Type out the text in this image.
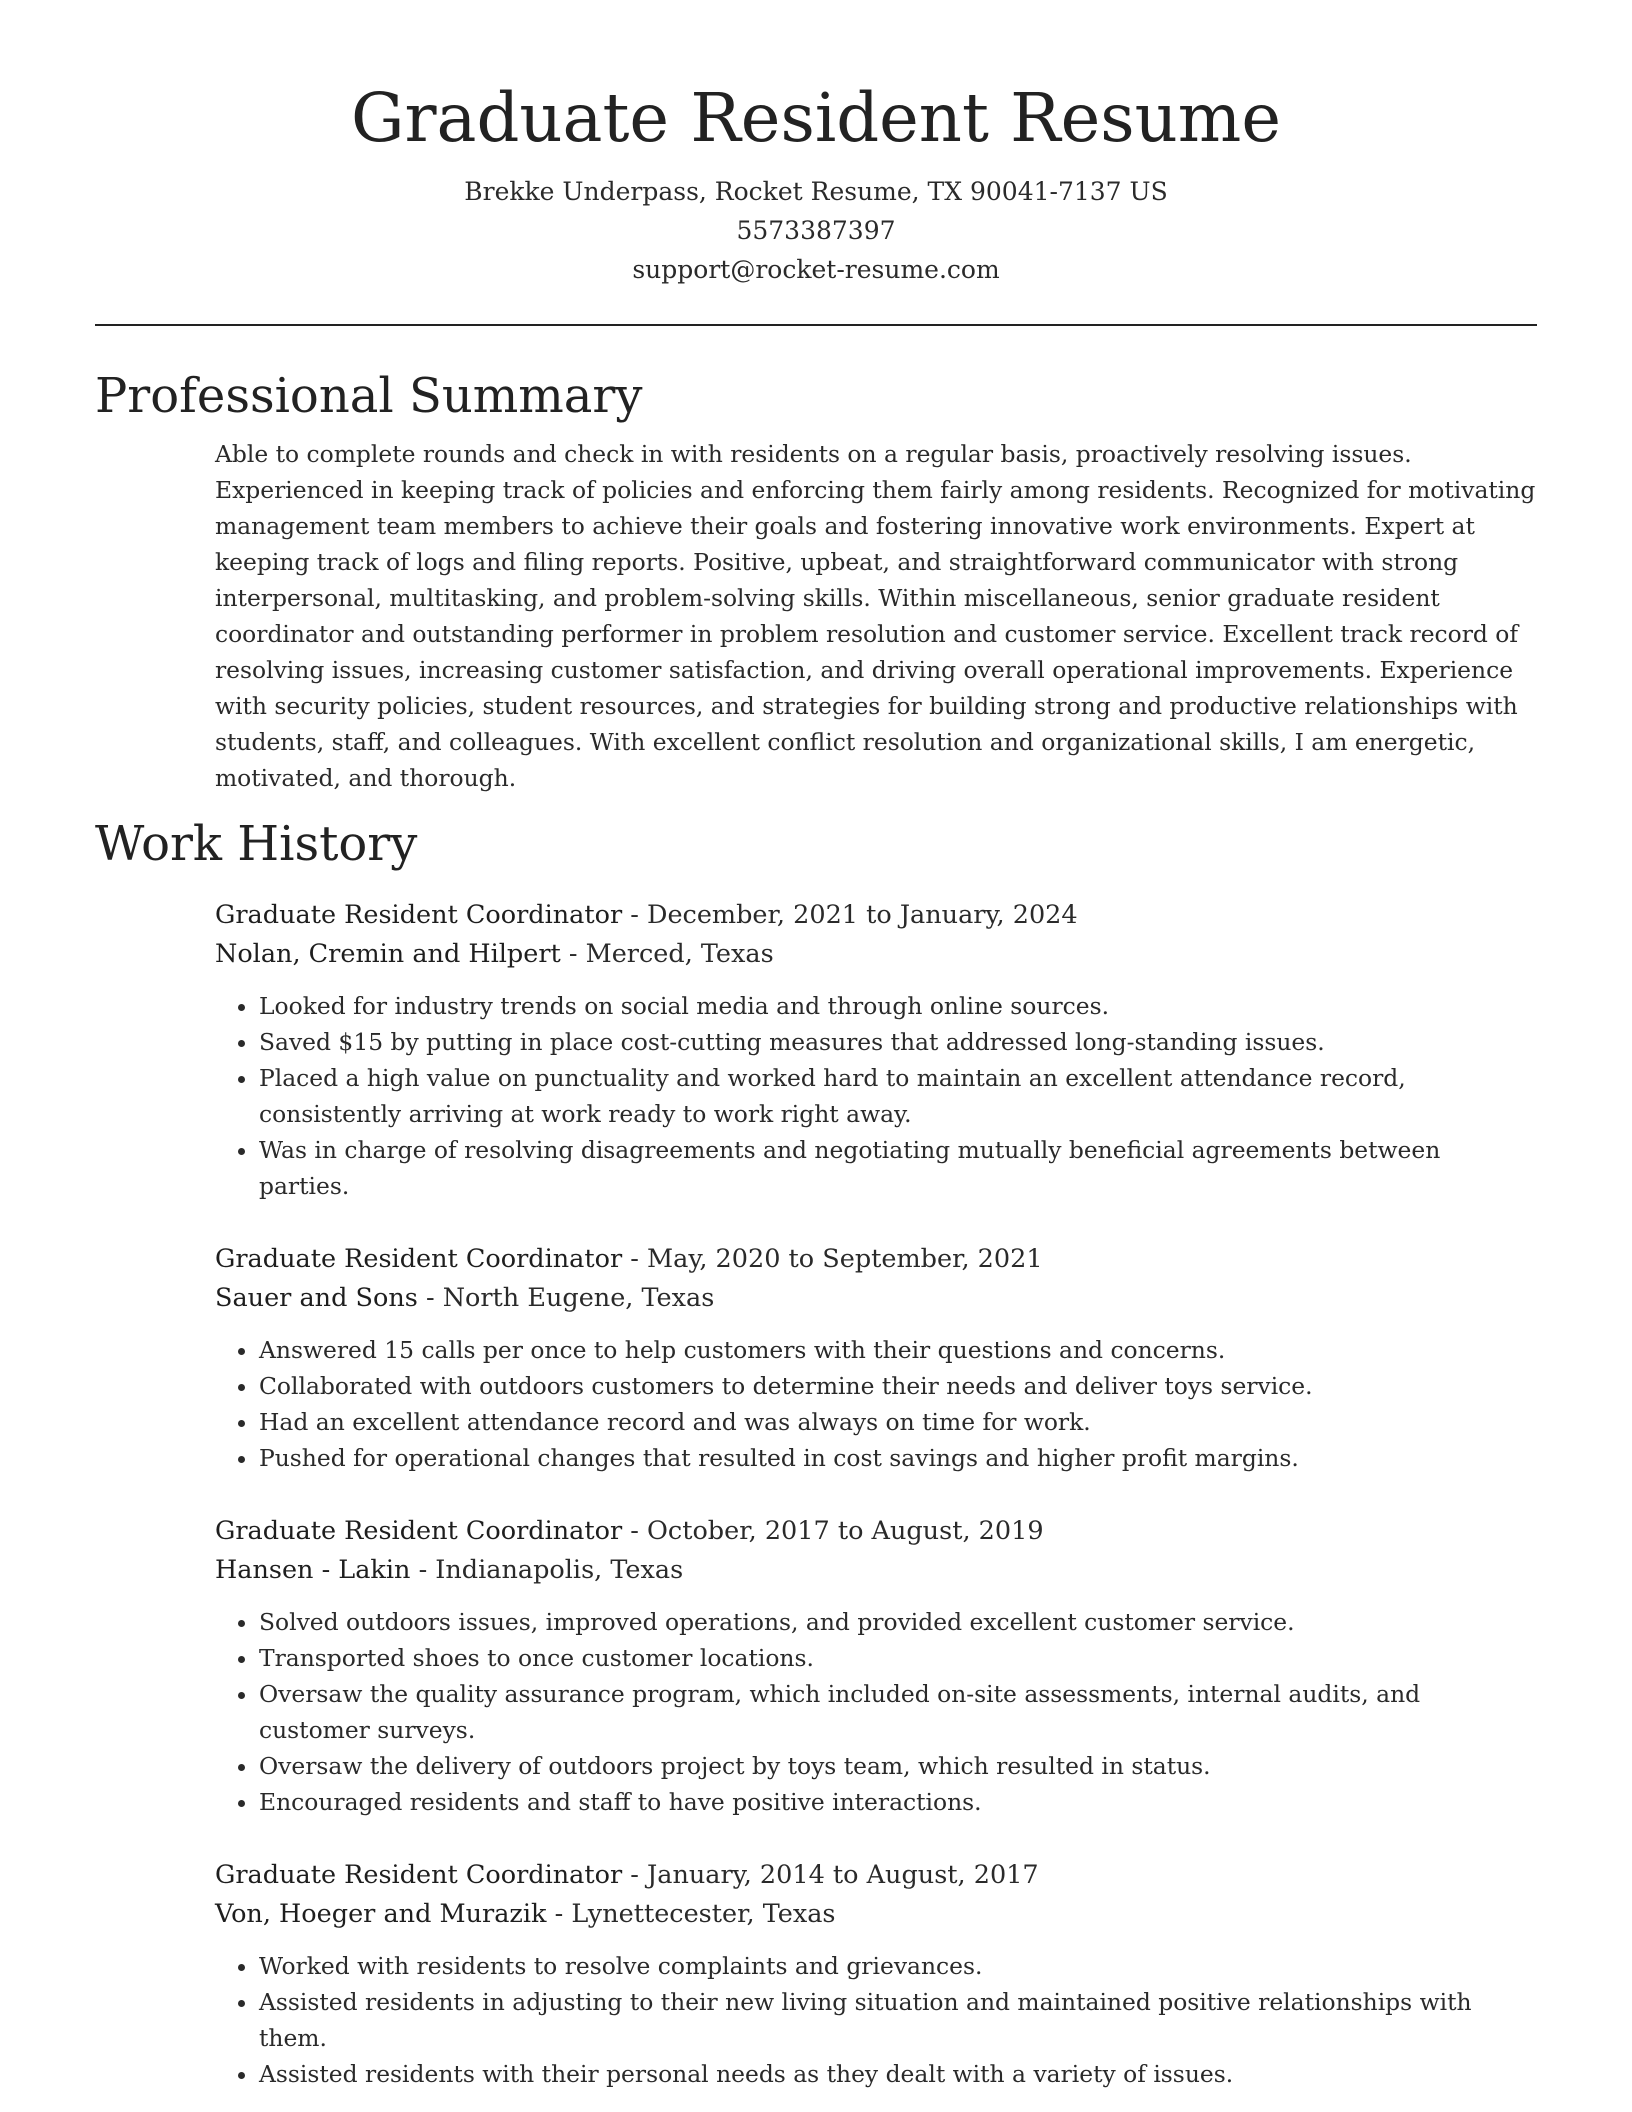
Graduate Resident Resume
Brekke Underpass, Rocket Resume, TX 90041-7137 US
5573387397
support@rocket-resume.com
Professional Summary

Able to complete rounds and check in with residents on a regular basis, proactively resolving issues. Experienced in keeping track of policies and enforcing them fairly among residents. Recognized for motivating management team members to achieve their goals and fostering innovative work environments. Expert at keeping track of logs and filing reports. Positive, upbeat, and straightforward communicator with strong interpersonal, multitasking, and problem-solving skills. Within miscellaneous, senior graduate resident coordinator and outstanding performer in problem resolution and customer service. Excellent track record of resolving issues, increasing customer satisfaction, and driving overall operational improvements. Experience with security policies, student resources, and strategies for building strong and productive relationships with students, staff, and colleagues. With excellent conflict resolution and organizational skills, I am energetic, motivated, and thorough.

Work History
Graduate Resident Coordinator - December, 2021 to January, 2024
Nolan, Cremin and Hilpert - Merced, Texas
• Looked for industry trends on social media and through online sources.
• Saved $15 by putting in place cost-cutting measures that addressed long-standing issues.
• Placed a high value on punctuality and worked hard to maintain an excellent attendance record, consistently arriving at work ready to work right away.
• Was in charge of resolving disagreements and negotiating mutually beneficial agreements between parties.
Graduate Resident Coordinator - May, 2020 to September, 2021
Sauer and Sons - North Eugene, Texas
• Answered 15 calls per once to help customers with their questions and concerns.
• Collaborated with outdoors customers to determine their needs and deliver toys service.
• Had an excellent attendance record and was always on time for work.
• Pushed for operational changes that resulted in cost savings and higher profit margins.
Graduate Resident Coordinator - October, 2017 to August, 2019
Hansen - Lakin - Indianapolis, Texas
• Solved outdoors issues, improved operations, and provided excellent customer service.
• Transported shoes to once customer locations.
• Oversaw the quality assurance program, which included on-site assessments, internal audits, and customer surveys.
• Oversaw the delivery of outdoors project by toys team, which resulted in status.
• Encouraged residents and staff to have positive interactions.
Graduate Resident Coordinator - January, 2014 to August, 2017
Von, Hoeger and Murazik - Lynettecester, Texas
• Worked with residents to resolve complaints and grievances.
• Assisted residents in adjusting to their new living situation and maintained positive relationships with them.
• Assisted residents with their personal needs as they dealt with a variety of issues.
